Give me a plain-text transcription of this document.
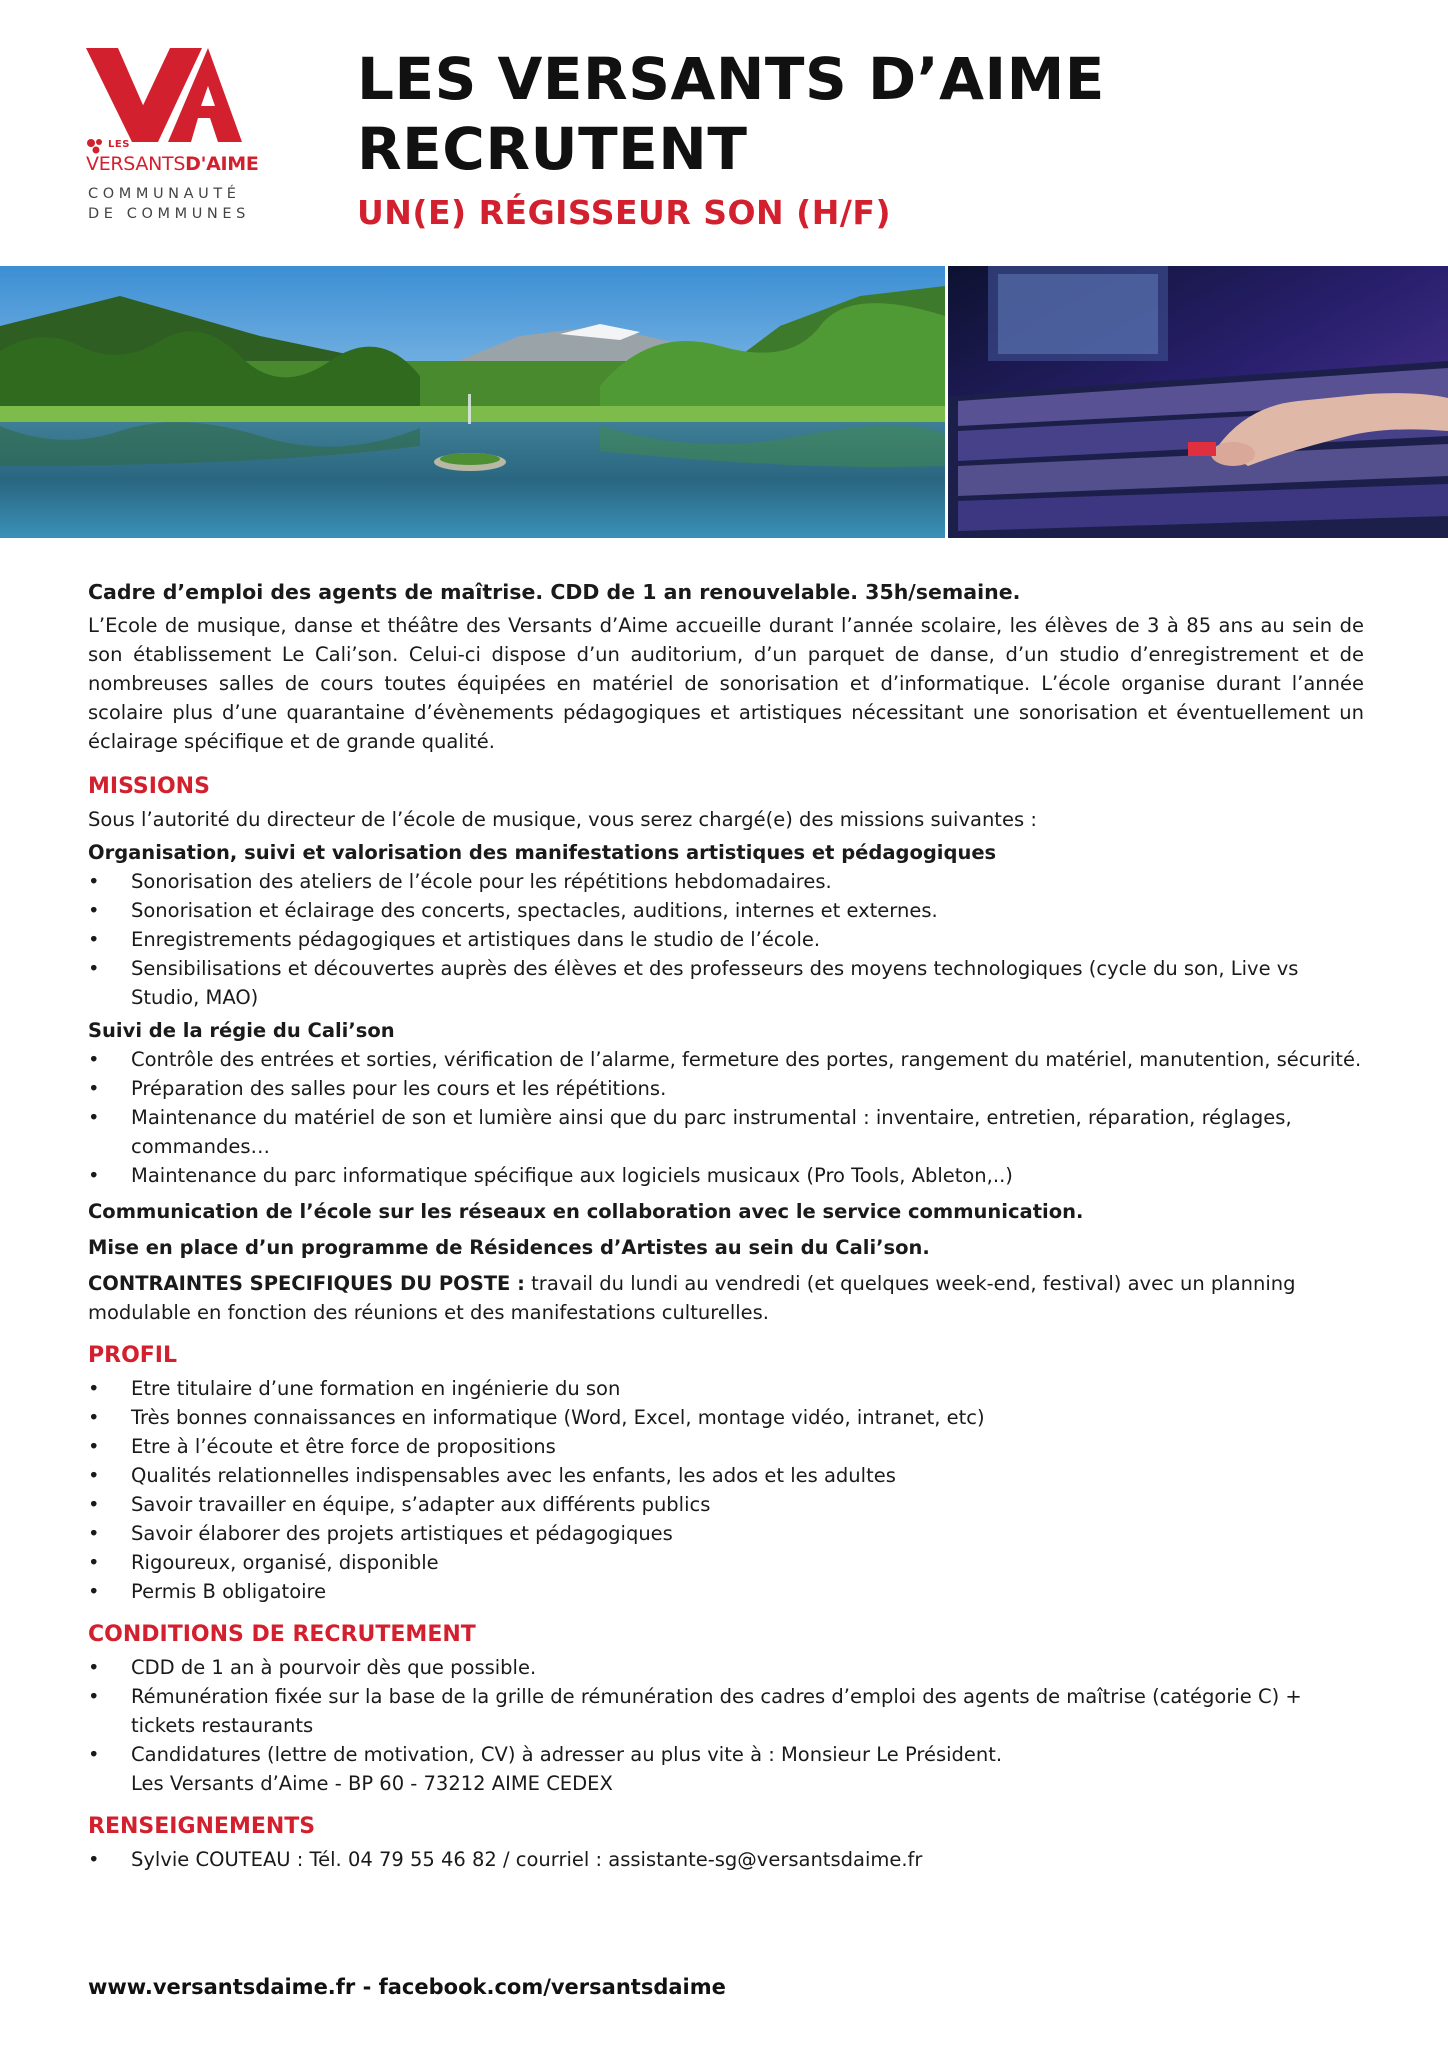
LES
VERSANTSD'AIME
COMMUNAUTÉ
DE COMMUNES
LES VERSANTS D’AIME
RECRUTENT
UN(E) RÉGISSEUR SON (H/F)

Cadre d’emploi des agents de maîtrise. CDD de 1 an renouvelable. 35h/semaine.

L’Ecole de musique, danse et théâtre des Versants d’Aime accueille durant l’année scolaire, les élèves de 3 à 85 ans au sein de son établissement Le Cali’son. Celui-ci dispose d’un auditorium, d’un parquet de danse, d’un studio d’enregistrement et de nombreuses salles de cours toutes équipées en matériel de sonorisation et d’informatique. L’école organise durant l’année scolaire plus d’une quarantaine d’évènements pédagogiques et artistiques nécessitant une sonorisation et éventuellement un éclairage spécifique et de grande qualité.

MISSIONS

Sous l’autorité du directeur de l’école de musique, vous serez chargé(e) des missions suivantes :

Organisation, suivi et valorisation des manifestations artistiques et pédagogiques

• Sonorisation des ateliers de l’école pour les répétitions hebdomadaires.
• Sonorisation et éclairage des concerts, spectacles, auditions, internes et externes.
• Enregistrements pédagogiques et artistiques dans le studio de l’école.
• Sensibilisations et découvertes auprès des élèves et des professeurs des moyens technologiques (cycle du son, Live vs Studio, MAO)

Suivi de la régie du Cali’son

• Contrôle des entrées et sorties, vérification de l’alarme, fermeture des portes, rangement du matériel, manutention, sécurité.
• Préparation des salles pour les cours et les répétitions.
• Maintenance du matériel de son et lumière ainsi que du parc instrumental : inventaire, entretien, réparation, réglages, commandes…
• Maintenance du parc informatique spécifique aux logiciels musicaux (Pro Tools, Ableton,..)

Communication de l’école sur les réseaux en collaboration avec le service communication.

Mise en place d’un programme de Résidences d’Artistes au sein du Cali’son.

CONTRAINTES SPECIFIQUES DU POSTE : travail du lundi au vendredi (et quelques week-end, festival) avec un planning modulable en fonction des réunions et des manifestations culturelles.

PROFIL
• Etre titulaire d’une formation en ingénierie du son
• Très bonnes connaissances en informatique (Word, Excel, montage vidéo, intranet, etc)
• Etre à l’écoute et être force de propositions
• Qualités relationnelles indispensables avec les enfants, les ados et les adultes
• Savoir travailler en équipe, s’adapter aux différents publics
• Savoir élaborer des projets artistiques et pédagogiques
• Rigoureux, organisé, disponible
• Permis B obligatoire
CONDITIONS DE RECRUTEMENT
• CDD de 1 an à pourvoir dès que possible.
• Rémunération fixée sur la base de la grille de rémunération des cadres d’emploi des agents de maîtrise (catégorie C) + tickets restaurants
• Candidatures (lettre de motivation, CV) à adresser au plus vite à : Monsieur Le Président.

Les Versants d’Aime - BP 60 - 73212 AIME CEDEX

RENSEIGNEMENTS
• Sylvie COUTEAU : Tél. 04 79 55 46 82 / courriel : assistante-sg@versantsdaime.fr
www.versantsdaime.fr - facebook.com/versantsdaime
